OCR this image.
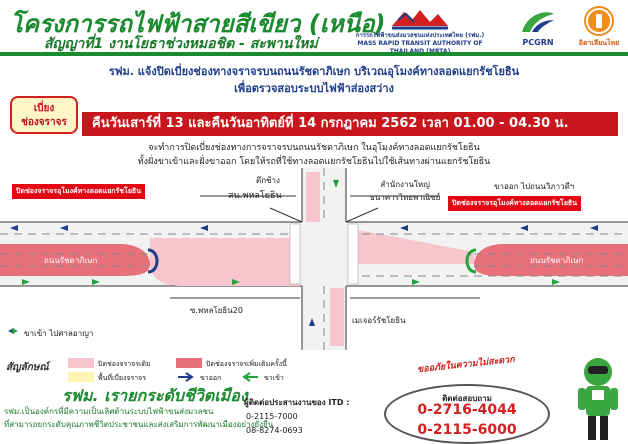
โครงการรถไฟฟ้าสายสีเขียว (เหนือ)
สัญญาที่1 งานโยธาช่วงหมอชิต - สะพานใหม่
การรถไฟฟ้าขนส่งมวลชนแห่งประเทศไทย (รฟม.)
MASS RAPID TRANSIT AUTHORITY OF	PCGRN	อิตาเลียนไทย
รฟม. แจ้งปิดเบี่ยงช่องทางจราจรบนถนนรัชดาภิเษก บริเวณอุโมงค์ทางลอดแยกรัชโยธิน
เพื่อตรวจสอบระบบไฟฟ้าส่องสว่าง
เบี่ยง
ช่องจราจร	คืนวันเสาร์ที่ 13 และคืนวันอาทิตย์ที่ 14 กรกฎาคม 2562 เวลา 01.00 - 04.30 น.
จะทำการปิดเบี่ยงช่องทางการจราจรบนถนนรัชดาภิเษก ในอุโมงค์ทางลอดแยกรัชโยธิน
ทั้งฝั่งขาเข้าและฝั่งขาออก โดยให้รถที่ใช้ทางลอดแยกรัชโยธินไปใช้เส้นทางผ่านแยกรัชโยธิน
ปิดช่องจราจรอุโมงค์ทางลอดแยกรัชโยธิน
ปิดช่องจราจรอุโมงค์ทางลอดแยกรัชโยธิน
ขาออก ไปถนนวิภาวดีฯ
สน.พหลโยธิน
ตึกช้าง	สำนักงานใหญ่
ธนาคารไทยพาณิชย์
ถนนรัชดาภิเษก	ถนนรัชดาภิเษก
ซ.พหลโยธิน20
เมเจอร์รัชโยธิน
ขาเข้า ไปศาลอาญา
สัญลักษณ์	ปิดช่องจราจรเดิม
พื้นที่เบี่ยงจราจร
ปิดช่องจราจรเพิ่มเติมครั้งนี้
ขาออก	ขาเข้า
รฟม. เรายกระดับชีวิตเมือง
รฟม.เป็นองค์กรที่มีความเป็นเลิศด้านระบบไฟฟ้าขนส่งมวลชน
ที่สามารถยกระดับคุณภาพชีวิตประชาชนและส่งเสริมการพัฒนาเมืองอย่างยั่งยืน
ผู้ติดต่อประสานงานของ ITD :
0-2115-7000
08-8274-0693
ขออภัยในความไม่สะดวก
ติดต่อสอบถาม
0-2716-4044
0-2115-6000
